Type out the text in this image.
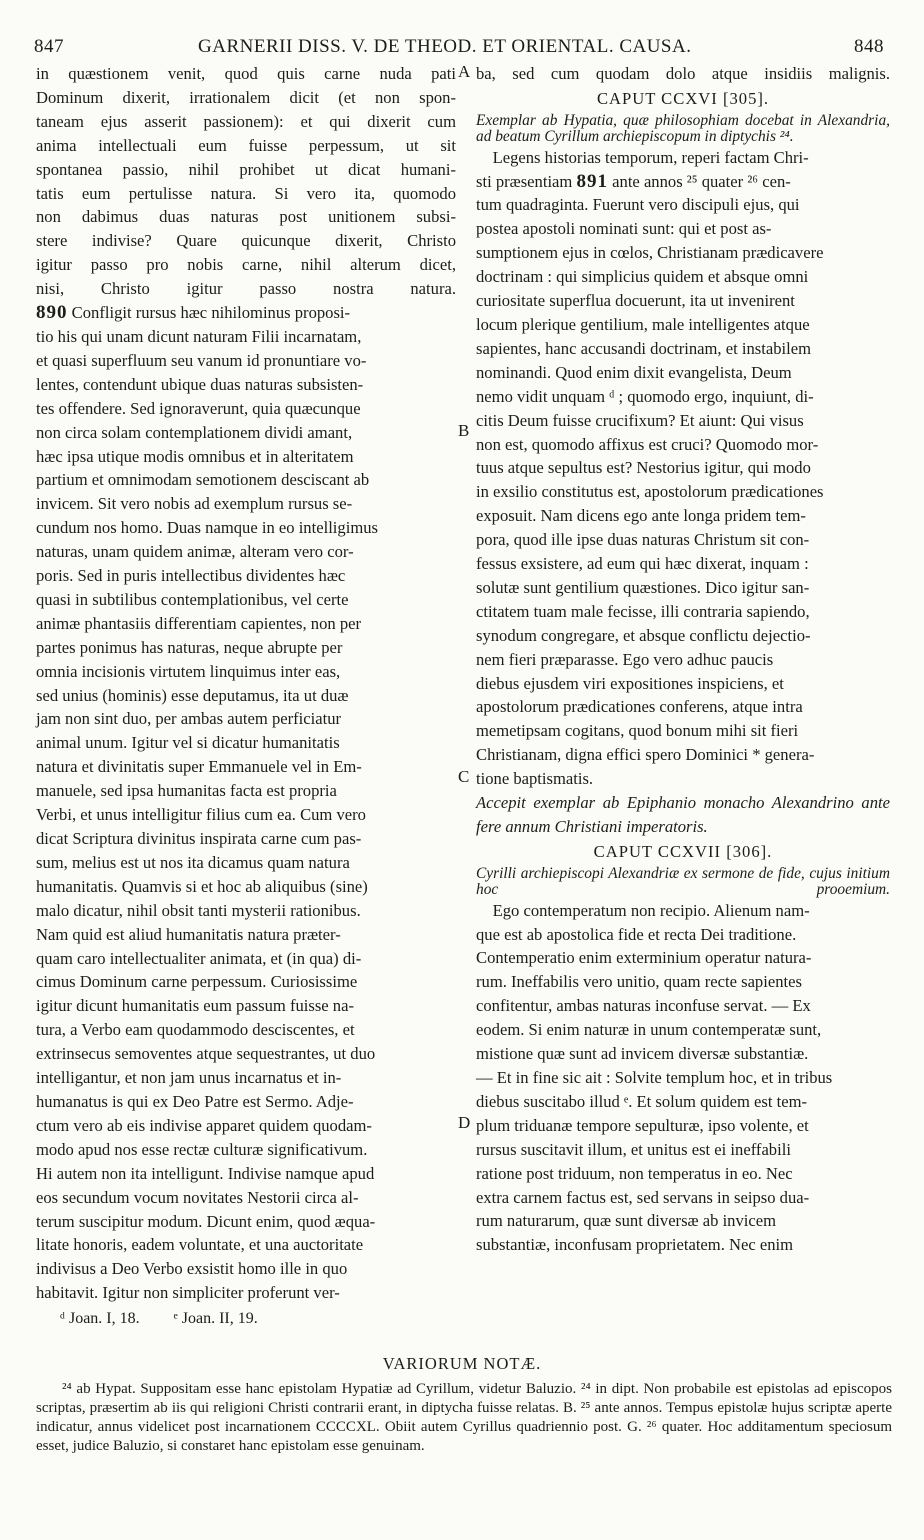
847	GARNERII DISS. V. DE THEOD. ET ORIENTAL. CAUSA.	848
A
B
C
D

in quæstionem venit, quod quis carne nuda pati
Dominum dixerit, irrationalem dicit (et non spon-
taneam ejus asserit passionem): et qui dixerit cum
anima intellectuali eum fuisse perpessum, ut sit
spontanea passio, nihil prohibet ut dicat humani-
tatis eum pertulisse natura. Si vero ita, quomodo
non dabimus duas naturas post unitionem subsi-
stere indivise? Quare quicunque dixerit, Christo
igitur passo pro nobis carne, nihil alterum dicet,
nisi, Christo igitur passo nostra natura.

890 Confligit rursus hæc nihilominus proposi-
tio his qui unam dicunt naturam Filii incarnatam,
et quasi superfluum seu vanum id pronuntiare vo-
lentes, contendunt ubique duas naturas subsisten-
tes offendere. Sed ignoraverunt, quia quæcunque
non circa solam contemplationem dividi amant,
hæc ipsa utique modis omnibus et in alteritatem
partium et omnimodam semotionem desciscant ab
invicem. Sit vero nobis ad exemplum rursus se-
cundum nos homo. Duas namque in eo intelligimus
naturas, unam quidem animæ, alteram vero cor-
poris. Sed in puris intellectibus dividentes hæc
quasi in subtilibus contemplationibus, vel certe
animæ phantasiis differentiam capientes, non per
partes ponimus has naturas, neque abrupte per
omnia incisionis virtutem linquimus inter eas,
sed unius (hominis) esse deputamus, ita ut duæ
jam non sint duo, per ambas autem perficiatur
animal unum. Igitur vel si dicatur humanitatis
natura et divinitatis super Emmanuele vel in Em-
manuele, sed ipsa humanitas facta est propria
Verbi, et unus intelligitur filius cum ea. Cum vero
dicat Scriptura divinitus inspirata carne cum pas-
sum, melius est ut nos ita dicamus quam natura
humanitatis. Quamvis si et hoc ab aliquibus (sine)
malo dicatur, nihil obsit tanti mysterii rationibus.
Nam quid est aliud humanitatis natura præter-
quam caro intellectualiter animata, et (in qua) di-
cimus Dominum carne perpessum. Curiosissime
igitur dicunt humanitatis eum passum fuisse na-
tura, a Verbo eam quodammodo desciscentes, et
extrinsecus semoventes atque sequestrantes, ut duo
intelligantur, et non jam unus incarnatus et in-
humanatus is qui ex Deo Patre est Sermo. Adje-
ctum vero ab eis indivise apparet quidem quodam-
modo apud nos esse rectæ culturæ significativum.
Hi autem non ita intelligunt. Indivise namque apud
eos secundum vocum novitates Nestorii circa al-
terum suscipitur modum. Dicunt enim, quod æqua-
litate honoris, eadem voluntate, et una auctoritate
indivisus a Deo Verbo exsistit homo ille in quo
habitavit. Igitur non simpliciter proferunt ver-

ba, sed cum quodam dolo atque insidiis malignis.

CAPUT CCXVI [305].

Exemplar ab Hypatia, quæ philosophiam docebat in Alexandria, ad beatum Cyrillum archiepiscopum in diptychis ²⁴.

 Legens historias temporum, reperi factam Chri-
sti præsentiam 891 ante annos ²⁵ quater ²⁶ cen-
tum quadraginta. Fuerunt vero discipuli ejus, qui
postea apostoli nominati sunt: qui et post as-
sumptionem ejus in cœlos, Christianam prædicavere
doctrinam : qui simplicius quidem et absque omni
curiositate superflua docuerunt, ita ut invenirent
locum plerique gentilium, male intelligentes atque
sapientes, hanc accusandi doctrinam, et instabilem
nominandi. Quod enim dixit evangelista, Deum
nemo vidit unquam ᵈ ; quomodo ergo, inquiunt, di-
citis Deum fuisse crucifixum? Et aiunt: Qui visus
non est, quomodo affixus est cruci? Quomodo mor-
tuus atque sepultus est? Nestorius igitur, qui modo
in exsilio constitutus est, apostolorum prædicationes
exposuit. Nam dicens ego ante longa pridem tem-
pora, quod ille ipse duas naturas Christum sit con-
fessus exsistere, ad eum qui hæc dixerat, inquam :
solutæ sunt gentilium quæstiones. Dico igitur san-
ctitatem tuam male fecisse, illi contraria sapiendo,
synodum congregare, et absque conflictu dejectio-
nem fieri præparasse. Ego vero adhuc paucis
diebus ejusdem viri expositiones inspiciens, et
apostolorum prædicationes conferens, atque intra
memetipsam cogitans, quod bonum mihi sit fieri
Christianam, digna effici spero Dominici * genera-
tione baptismatis.

Accepit exemplar ab Epiphanio monacho Alexandrino ante fere annum Christiani imperatoris.

CAPUT CCXVII [306].

Cyrilli archiepiscopi Alexandriæ ex sermone de fide, cujus initium hoc prooemium.

 Ego contemperatum non recipio. Alienum nam-
que est ab apostolica fide et recta Dei traditione.
Contemperatio enim exterminium operatur natura-
rum. Ineffabilis vero unitio, quam recte sapientes
confitentur, ambas naturas inconfuse servat. — Ex
eodem. Si enim naturæ in unum contemperatæ sunt,
mistione quæ sunt ad invicem diversæ substantiæ.
— Et in fine sic ait : Solvite templum hoc, et in tribus
diebus suscitabo illud ᵉ. Et solum quidem est tem-
plum triduanæ tempore sepulturæ, ipso volente, et
rursus suscitavit illum, et unitus est ei ineffabili
ratione post triduum, non temperatus in eo. Nec
extra carnem factus est, sed servans in seipso dua-
rum naturarum, quæ sunt diversæ ab invicem
substantiæ, inconfusam proprietatem. Nec enim

ᵈ Joan. I, 18. ᵉ Joan. II, 19.
VARIORUM NOTÆ.

²⁴ ab Hypat. Suppositam esse hanc epistolam Hypatiæ ad Cyrillum, videtur Baluzio. ²⁴ in dipt. Non probabile est epistolas ad episcopos scriptas, præsertim ab iis qui religioni Christi contrarii erant, in diptycha fuisse relatas. B. ²⁵ ante annos. Tempus epistolæ hujus scriptæ aperte indicatur, annus videlicet post incarnationem CCCCXL. Obiit autem Cyrillus quadriennio post. G. ²⁶ quater. Hoc additamentum speciosum esset, judice Baluzio, si constaret hanc epistolam esse genuinam.
